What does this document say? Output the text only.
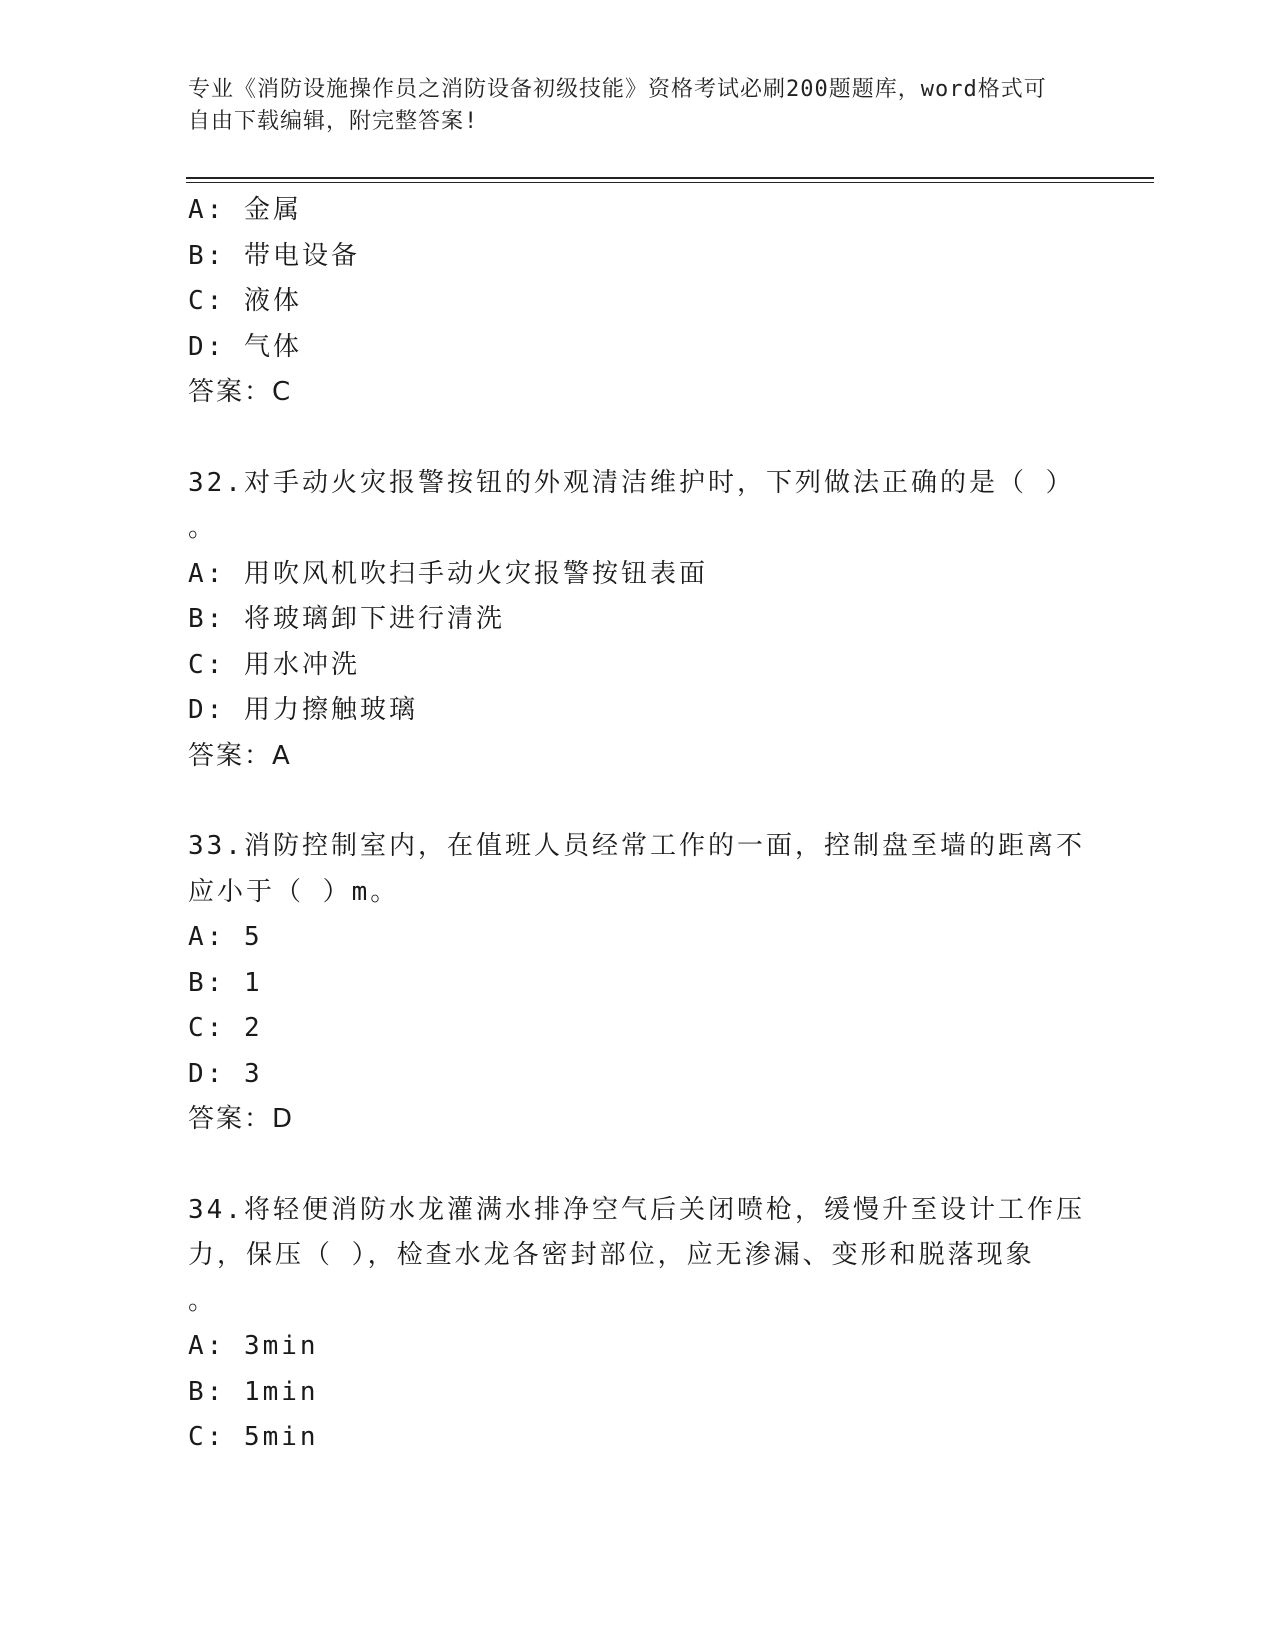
专业《消防设施操作员之消防设备初级技能》资格考试必刷200题题库，word格式可自由下载编辑，附完整答案!
A: 金属
B: 带电设备
C: 液体
D: 气体
答案：C
32.对手动火灾报警按钮的外观清洁维护时，下列做法正确的是（ ）
。
A: 用吹风机吹扫手动火灾报警按钮表面
B: 将玻璃卸下进行清洗
C: 用水冲洗
D: 用力擦触玻璃
答案：A
33.消防控制室内，在值班人员经常工作的一面，控制盘至墙的距离不
应小于（ ）m。
A: 5
B: 1
C: 2
D: 3
答案：D
34.将轻便消防水龙灌满水排净空气后关闭喷枪，缓慢升至设计工作压
力，保压（ ），检查水龙各密封部位，应无渗漏、变形和脱落现象
。
A: 3min
B: 1min
C: 5min
